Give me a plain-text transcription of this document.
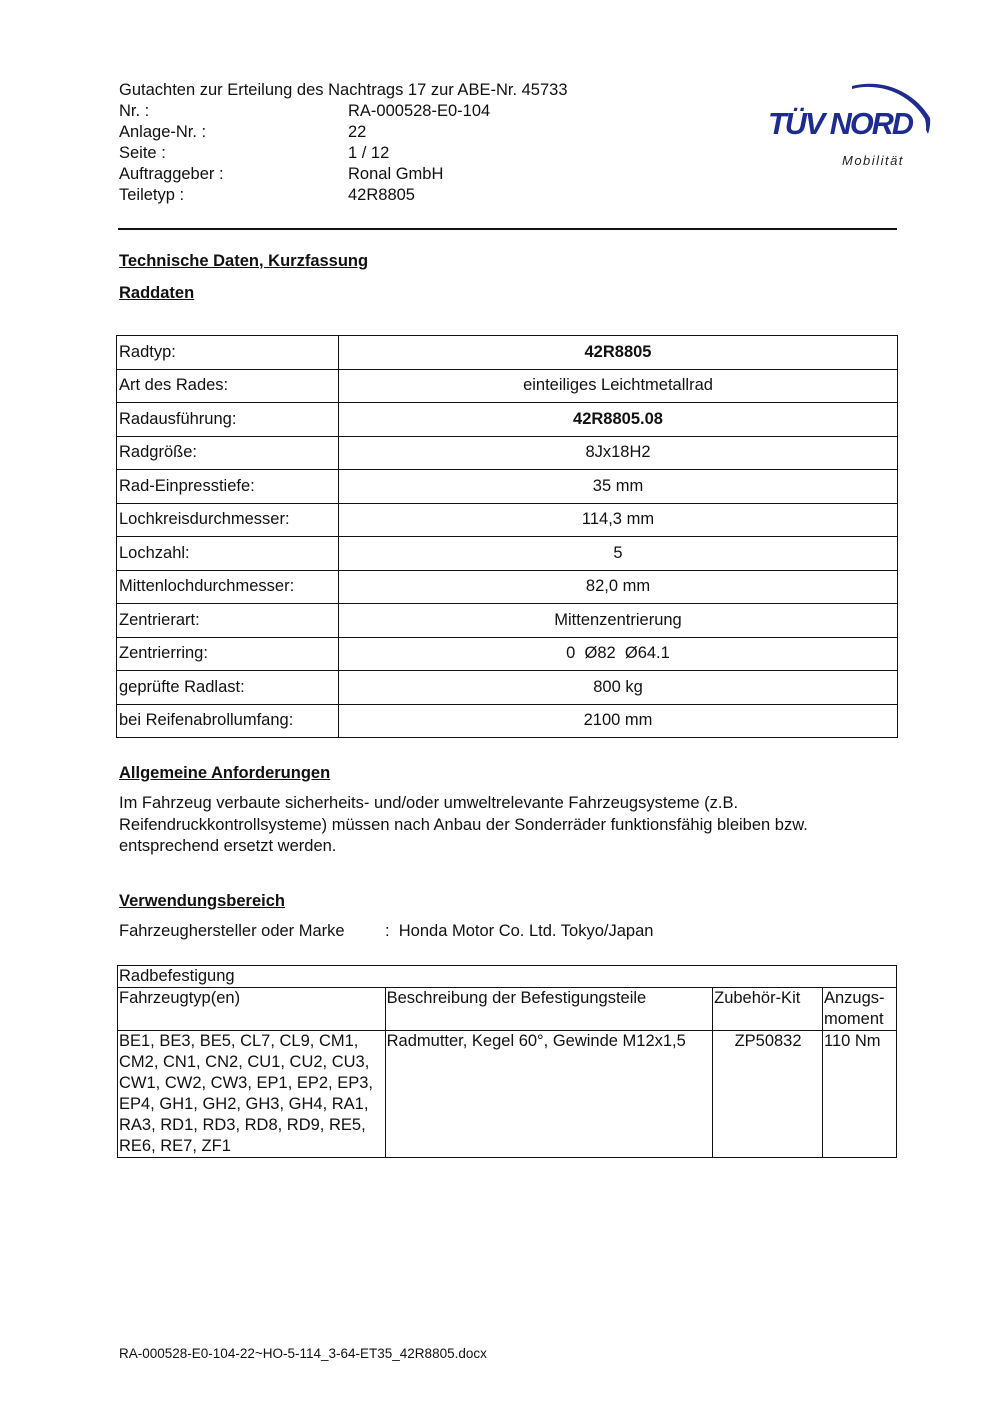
Gutachten zur Erteilung des Nachtrags 17 zur ABE-Nr. 45733
Nr. :	RA-000528-E0-104
Anlage-Nr. :	22
Seite :	1 / 12
Auftraggeber :	Ronal GmbH
Teiletyp :	42R8805
TÜV NORD
Mobilität
Technische Daten, Kurzfassung
Raddaten
Radtyp:	42R8805
Art des Rades:	einteiliges Leichtmetallrad
Radausführung:	42R8805.08
Radgröße:	8Jx18H2
Rad-Einpresstiefe:	35 mm
Lochkreisdurchmesser:	114,3 mm
Lochzahl:	5
Mittenlochdurchmesser:	82,0 mm
Zentrierart:	Mittenzentrierung
Zentrierring:	0  Ø82  Ø64.1
geprüfte Radlast:	800 kg
bei Reifenabrollumfang:	2100 mm
Allgemeine Anforderungen
Im Fahrzeug verbaute sicherheits- und/oder umweltrelevante Fahrzeugsysteme (z.B. Reifendruckkontrollsysteme) müssen nach Anbau der Sonderräder funktionsfähig bleiben bzw. entsprechend ersetzt werden.
Verwendungsbereich
Fahrzeughersteller oder Marke	:  Honda Motor Co. Ltd. Tokyo/Japan
Radbefestigung			
Fahrzeugtyp(en)	Beschreibung der Befestigungsteile	Zubehör-Kit	Anzugs-moment
BE1, BE3, BE5, CL7, CL9, CM1, CM2, CN1, CN2, CU1, CU2, CU3, CW1, CW2, CW3, EP1, EP2, EP3, EP4, GH1, GH2, GH3, GH4, RA1, RA3, RD1, RD3, RD8, RD9, RE5, RE6, RE7, ZF1	Radmutter, Kegel 60°, Gewinde M12x1,5	ZP50832	110 Nm
RA-000528-E0-104-22~HO-5-114_3-64-ET35_42R8805.docx
